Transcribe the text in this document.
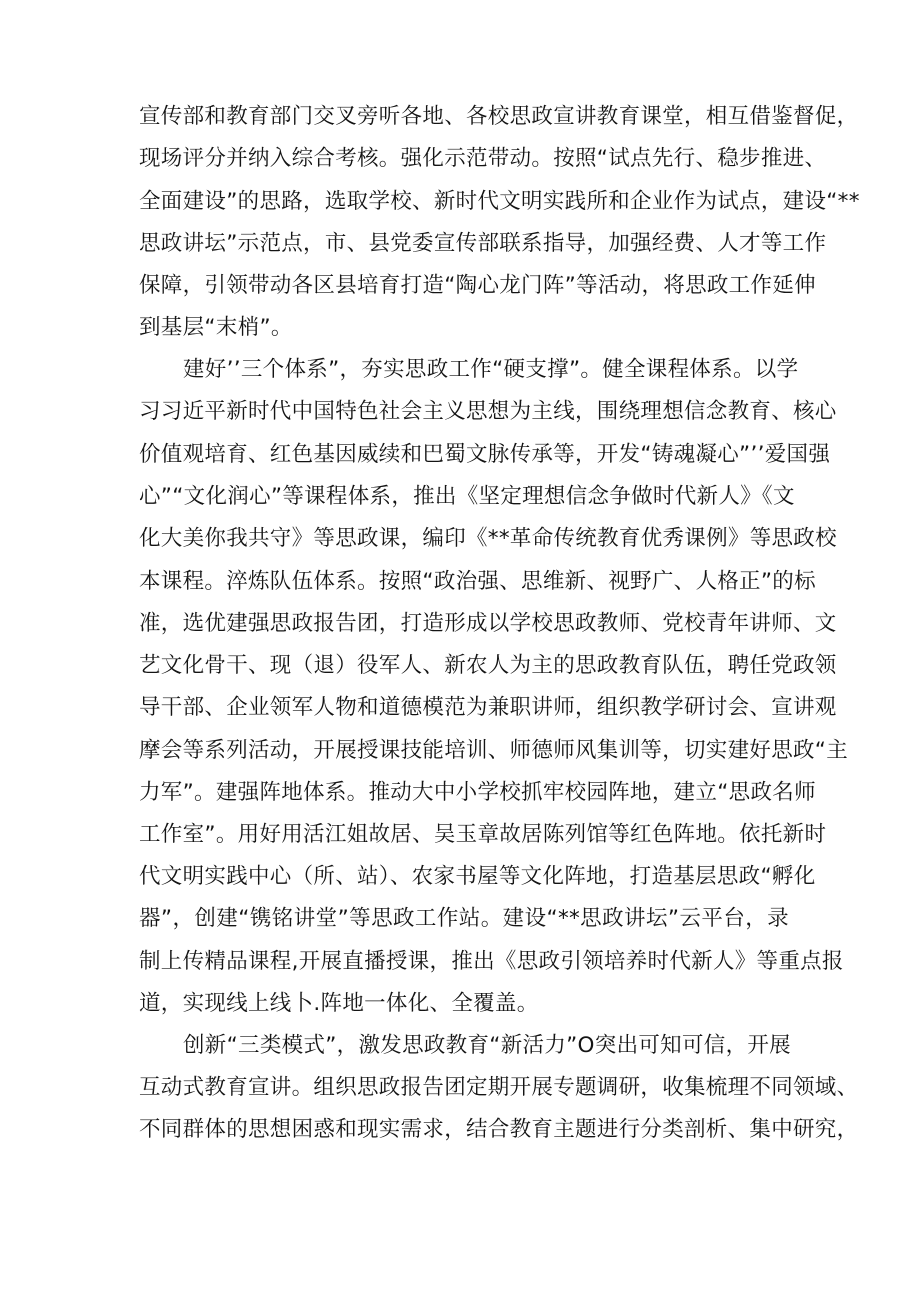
宣传部和教育部门交叉旁听各地、各校思政宣讲教育课堂，相互借鉴督促，
现场评分并纳入综合考核。强化示范带动。按照“试点先行、稳步推进、
全面建设”的思路，选取学校、新时代文明实践所和企业作为试点，建设“**
思政讲坛”示范点，市、县党委宣传部联系指导，加强经费、人才等工作
保障，引领带动各区县培育打造“陶心龙门阵”等活动，将思政工作延伸
到基层“末梢”。
建好’’三个体系”，夯实思政工作“硬支撑”。健全课程体系。以学
习习近平新时代中国特色社会主义思想为主线，围绕理想信念教育、核心
价值观培育、红色基因威续和巴蜀文脉传承等，开发“铸魂凝心”’’爱国强
心”“文化润心”等课程体系，推出《坚定理想信念争做时代新人》《文
化大美你我共守》等思政课，编印《**革命传统教育优秀课例》等思政校
本课程。淬炼队伍体系。按照“政治强、思维新、视野广、人格正”的标
准，选优建强思政报告团，打造形成以学校思政教师、党校青年讲师、文
艺文化骨干、现（退）役军人、新农人为主的思政教育队伍，聘任党政领
导干部、企业领军人物和道德模范为兼职讲师，组织教学研讨会、宣讲观
摩会等系列活动，开展授课技能培训、师德师风集训等，切实建好思政“主
力军”。建强阵地体系。推动大中小学校抓牢校园阵地，建立“思政名师
工作室”。用好用活江姐故居、吴玉章故居陈列馆等红色阵地。依托新时
代文明实践中心（所、站）、农家书屋等文化阵地，打造基层思政“孵化
器”，创建“镌铭讲堂”等思政工作站。建设“**思政讲坛”云平台，录
制上传精品课程,开展直播授课，推出《思政引领培养时代新人》等重点报
道，实现线上线卜.阵地一体化、全覆盖。
创新“三类模式”，激发思政教育“新活力”O突出可知可信，开展
互动式教育宣讲。组织思政报告团定期开展专题调研，收集梳理不同领域、
不同群体的思想困惑和现实需求，结合教育主题进行分类剖析、集中研究，
